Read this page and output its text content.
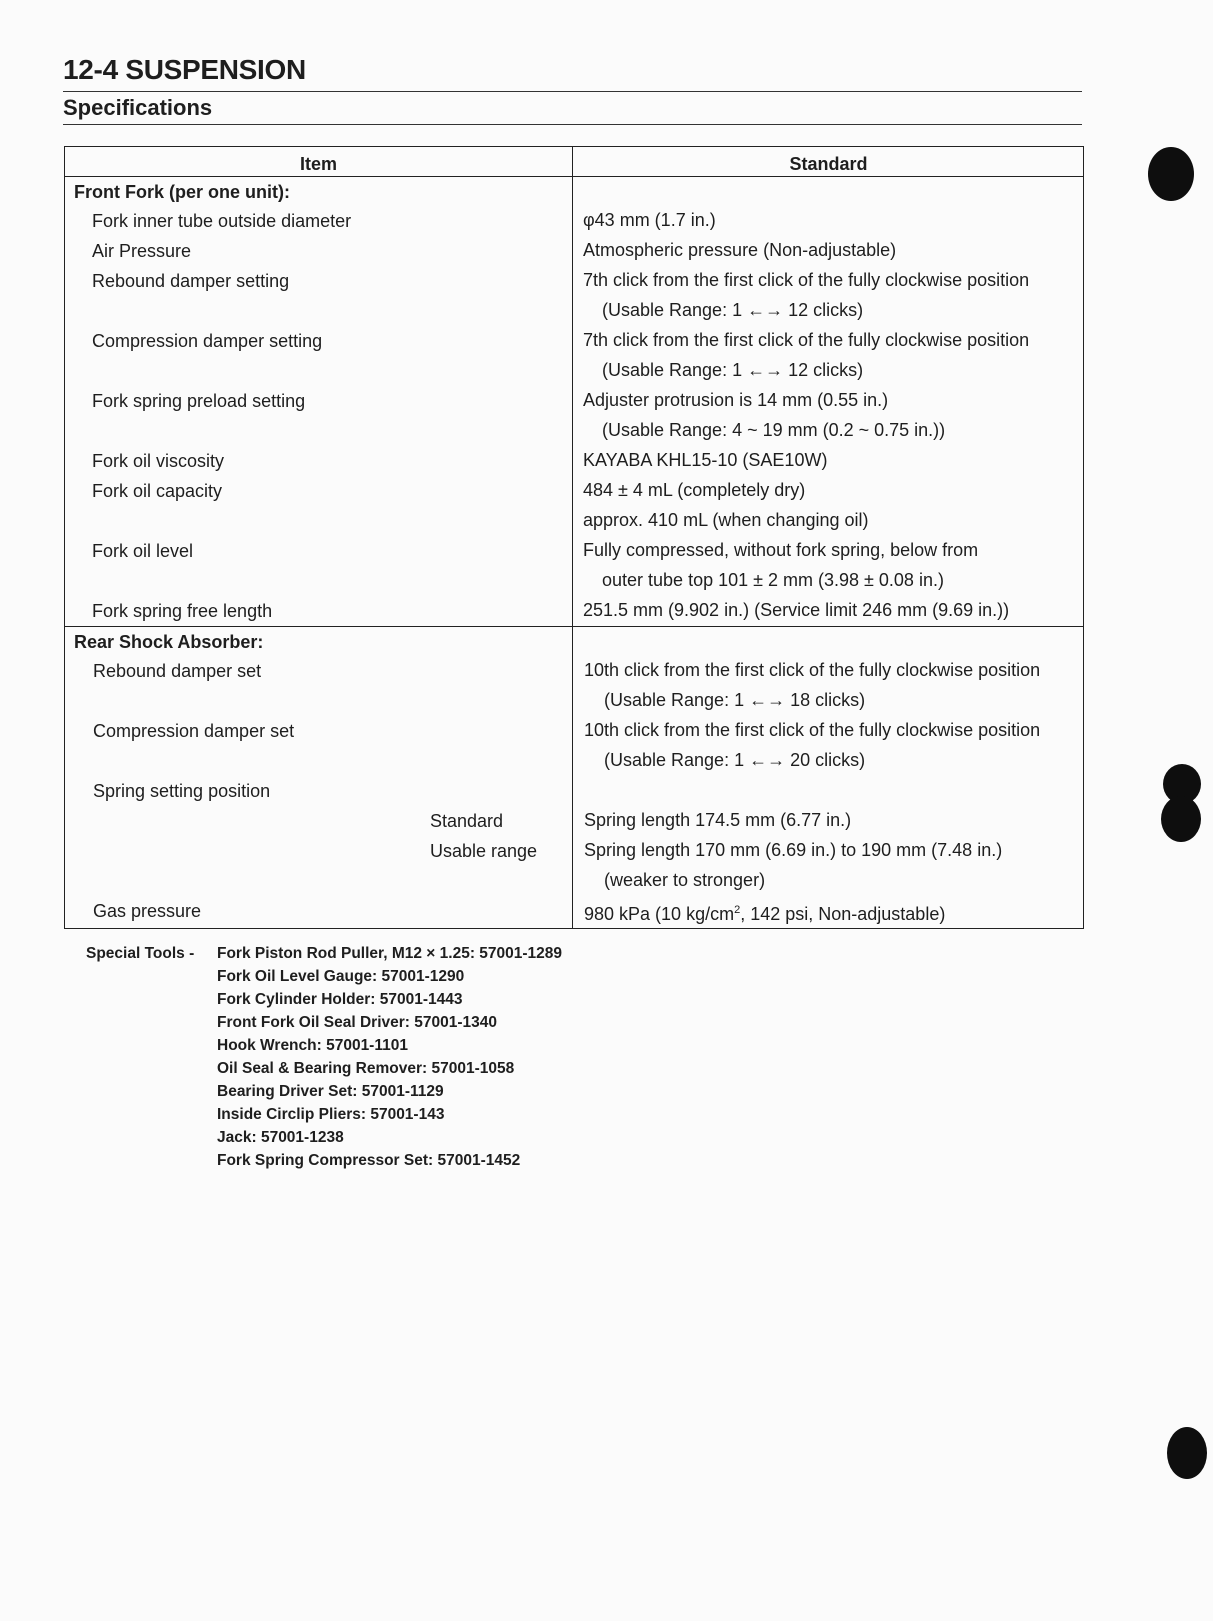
12-4 SUSPENSION
Specifications
Item	Standard
Front Fork (per one unit):
Fork inner tube outside diameter	φ43 mm (1.7 in.)
Air Pressure	Atmospheric pressure (Non-adjustable)
Rebound damper setting	7th click from the first click of the fully clockwise position
(Usable Range: 1 ←→ 12 clicks)
Compression damper setting	7th click from the first click of the fully clockwise position
(Usable Range: 1 ←→ 12 clicks)
Fork spring preload setting	Adjuster protrusion is 14 mm (0.55 in.)
(Usable Range: 4 ~ 19 mm (0.2 ~ 0.75 in.))
Fork oil viscosity	KAYABA KHL15-10 (SAE10W)
Fork oil capacity	484 ± 4 mL (completely dry)
approx. 410 mL (when changing oil)
Fork oil level	Fully compressed, without fork spring, below from
outer tube top 101 ± 2 mm (3.98 ± 0.08 in.)
Fork spring free length	251.5 mm (9.902 in.) (Service limit 246 mm (9.69 in.))
Rear Shock Absorber:
Rebound damper set	10th click from the first click of the fully clockwise position
(Usable Range: 1 ←→ 18 clicks)
Compression damper set	10th click from the first click of the fully clockwise position
(Usable Range: 1 ←→ 20 clicks)
Spring setting position
Standard	Spring length 174.5 mm (6.77 in.)
Usable range	Spring length 170 mm (6.69 in.) to 190 mm (7.48 in.)
(weaker to stronger)
Gas pressure	980 kPa (10 $kg/cm^2$, 142 psi, Non-adjustable)
Special Tools - Fork Piston Rod Puller, M12 × 1.25: 57001-1289
Fork Oil Level Gauge: 57001-1290
Fork Cylinder Holder: 57001-1443
Front Fork Oil Seal Driver: 57001-1340
Hook Wrench: 57001-1101
Oil Seal & Bearing Remover: 57001-1058
Bearing Driver Set: 57001-1129
Inside Circlip Pliers: 57001-143
Jack: 57001-1238
Fork Spring Compressor Set: 57001-1452
